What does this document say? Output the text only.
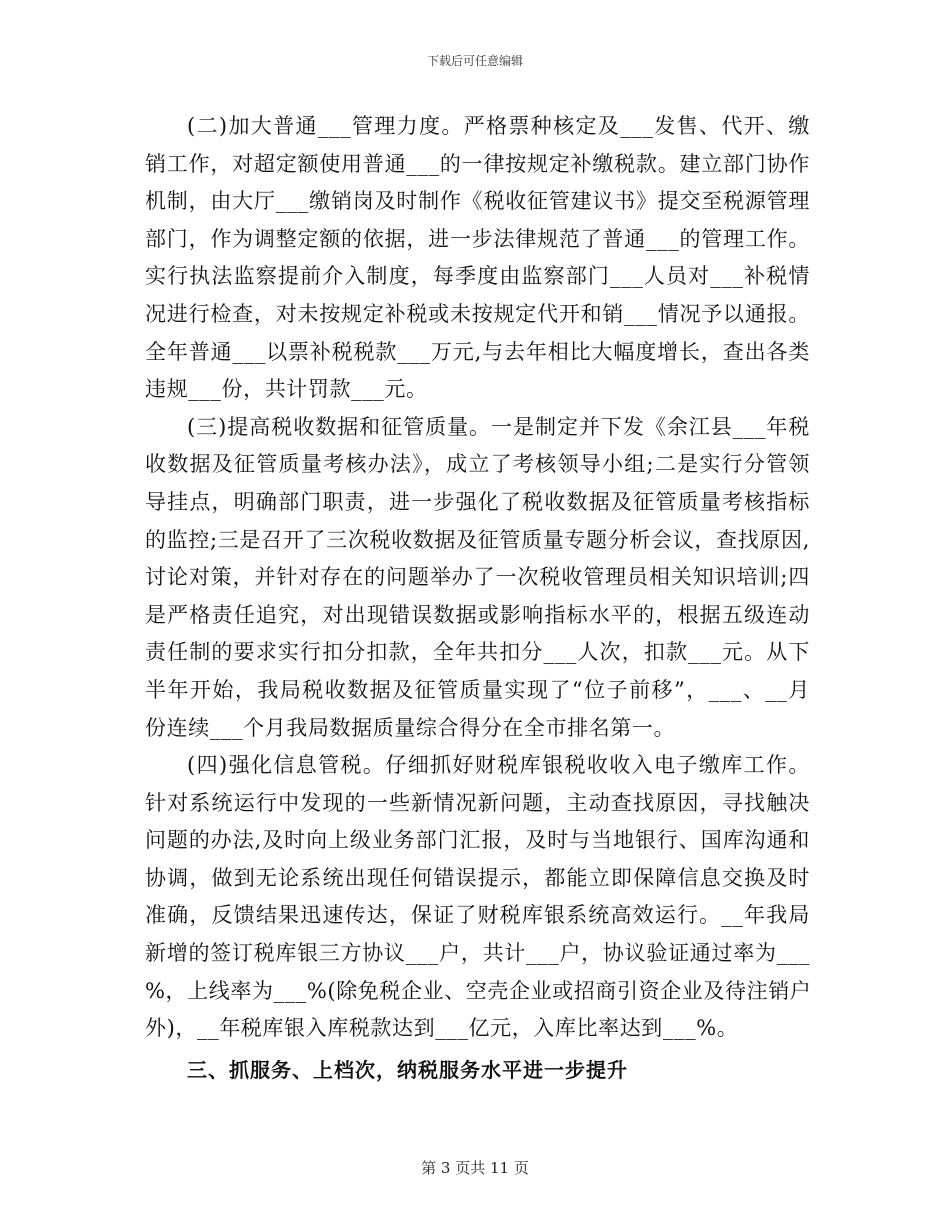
下载后可任意编辑
(二)加大普通___管理力度。严格票种核定及___发售、代开、缴
销工作，对超定额使用普通___的一律按规定补缴税款。建立部门协作
机制，由大厅___缴销岗及时制作《税收征管建议书》提交至税源管理
部门，作为调整定额的依据，进一步法律规范了普通___的管理工作。
实行执法监察提前介入制度，每季度由监察部门___人员对___补税情
况进行检查，对未按规定补税或未按规定代开和销___情况予以通报。
全年普通___以票补税税款___万元,与去年相比大幅度增长，查出各类
违规___份，共计罚款___元。
(三)提高税收数据和征管质量。一是制定并下发《余江县___年税
收数据及征管质量考核办法》，成立了考核领导小组;二是实行分管领
导挂点，明确部门职责，进一步强化了税收数据及征管质量考核指标
的监控;三是召开了三次税收数据及征管质量专题分析会议，查找原因,
讨论对策，并针对存在的问题举办了一次税收管理员相关知识培训;四
是严格责任追究，对出现错误数据或影响指标水平的，根据五级连动
责任制的要求实行扣分扣款，全年共扣分___人次，扣款___元。从下
半年开始，我局税收数据及征管质量实现了“位子前移”，___、__月
份连续___个月我局数据质量综合得分在全市排名第一。
(四)强化信息管税。仔细抓好财税库银税收收入电子缴库工作。
针对系统运行中发现的一些新情况新问题，主动查找原因，寻找触决
问题的办法,及时向上级业务部门汇报，及时与当地银行、国库沟通和
协调，做到无论系统出现任何错误提示，都能立即保障信息交换及时
准确，反馈结果迅速传达，保证了财税库银系统高效运行。__年我局
新增的签订税库银三方协议___户，共计___户，协议验证通过率为___
%，上线率为___%(除免税企业、空壳企业或招商引资企业及待注销户
外)，__年税库银入库税款达到___亿元，入库比率达到___%。
三、抓服务、上档次，纳税服务水平进一步提升
第 3 页共 11 页
